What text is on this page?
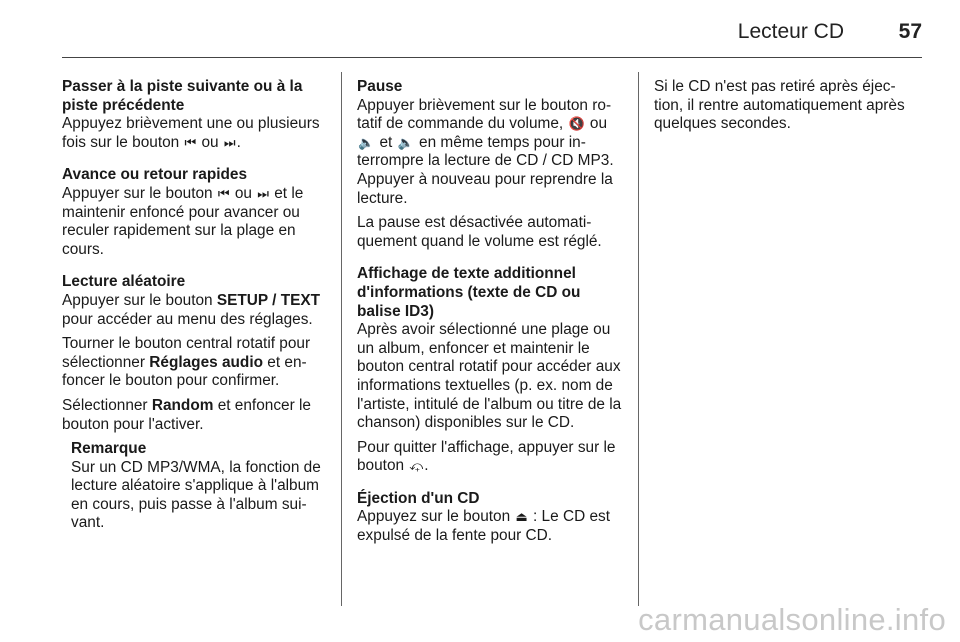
Lecteur CD	57
Passer à la piste suivante ou à la piste précédente
Appuyez brièvement une ou plusieurs fois sur le bouton ⏮ ou ⏭.
Avance ou retour rapides
Appuyer sur le bouton ⏮ ou ⏭ et le maintenir enfoncé pour avancer ou reculer rapidement sur la plage en cours.
Lecture aléatoire
Appuyer sur le bouton SETUP / TEXT pour accéder au menu des réglages.
Tourner le bouton central rotatif pour sélectionner Réglages audio et en-foncer le bouton pour confirmer.
Sélectionner Random et enfoncer le bouton pour l'activer.
Remarque
Sur un CD MP3/WMA, la fonction de lecture aléatoire s'applique à l'album en cours, puis passe à l'album sui-vant.
Pause
Appuyer brièvement sur le bouton ro-tatif de commande du volume, 🔇 ou 🔈 et 🔈 en même temps pour in-terrompre la lecture de CD / CD MP3. Appuyer à nouveau pour reprendre la lecture.
La pause est désactivée automati-quement quand le volume est réglé.
Affichage de texte additionnel d'informations (texte de CD ou balise ID3)
Après avoir sélectionné une plage ou un album, enfoncer et maintenir le bouton central rotatif pour accéder aux informations textuelles (p. ex. nom de l'artiste, intitulé de l'album ou titre de la chanson) disponibles sur le CD.
Pour quitter l'affichage, appuyer sur le bouton ⤽.
Éjection d'un CD
Appuyez sur le bouton ⏏ : Le CD est expulsé de la fente pour CD.
Si le CD n'est pas retiré après éjec-tion, il rentre automatiquement après quelques secondes.
carmanualsonline.info
